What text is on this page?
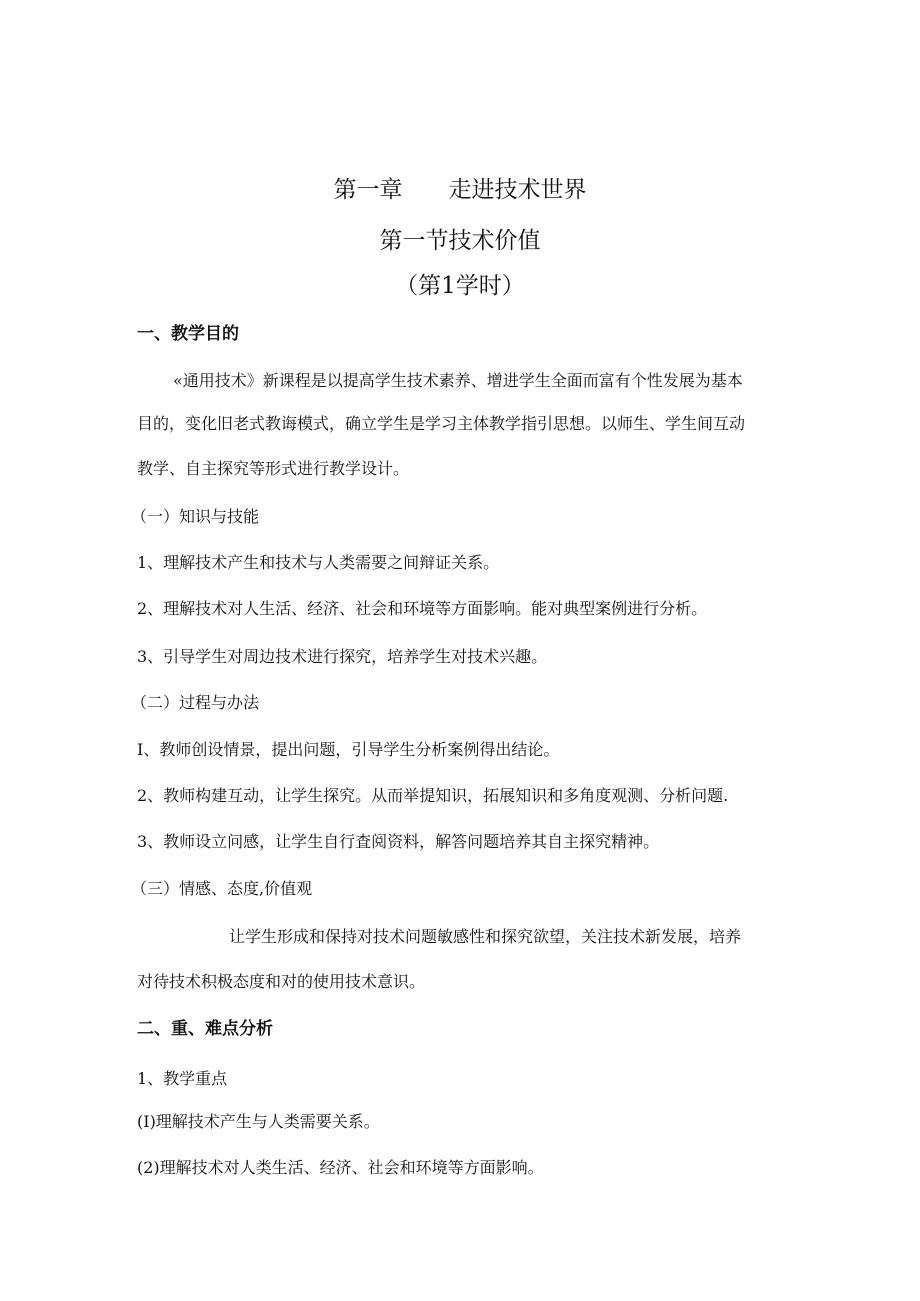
第一章 走进技术世界
第一节技术价值
（第1学时）
一、教学目的
«通用技术》新课程是以提高学生技术素养、增进学生全面而富有个性发展为基本
目的，变化旧老式教诲模式，确立学生是学习主体教学指引思想。以师生、学生间互动
教学、自主探究等形式进行教学设计。
（一）知识与技能
1、理解技术产生和技术与人类需要之间辩证关系。
2、理解技术对人生活、经济、社会和环境等方面影响。能对典型案例进行分析。
3、引导学生对周边技术进行探究，培养学生对技术兴趣。
（二）过程与办法
I、教师创设情景，提出问题，引导学生分析案例得出结论。
2、教师构建互动，让学生探究。从而举提知识，拓展知识和多角度观测、分析问题.
3、教师设立问感，让学生自行査阅资料，解答问题培养其自主探究精神。
（三）情感、态度,价值观
让学生形成和保持对技术问题敏感性和探究欲望，关注技术新发展，培养
对待技术积极态度和对的使用技术意识。
二、重、难点分析
1、教学重点
(I)理解技术产生与人类需要关系。
(2)理解技术对人类生活、经济、社会和环境等方面影响。
